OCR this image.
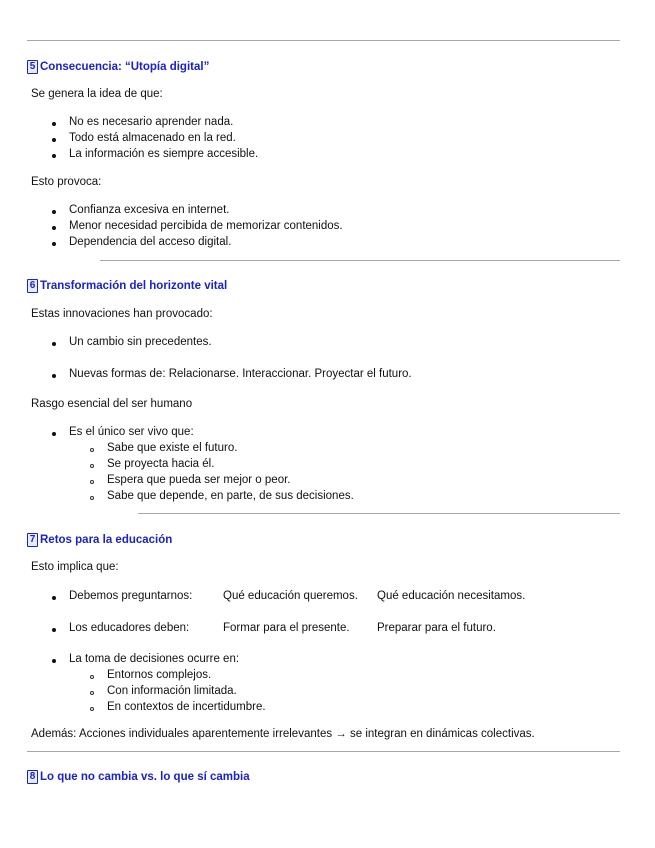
5 Consecuencia: “Utopía digital”
Se genera la idea de que:
No es necesario aprender nada.
Todo está almacenado en la red.
La información es siempre accesible.
Esto provoca:
Confianza excesiva en internet.
Menor necesidad percibida de memorizar contenidos.
Dependencia del acceso digital.
6 Transformación del horizonte vital
Estas innovaciones han provocado:
Un cambio sin precedentes.
Nuevas formas de: Relacionarse. Interaccionar. Proyectar el futuro.
Rasgo esencial del ser humano
Es el único ser vivo que:
Sabe que existe el futuro.
Se proyecta hacia él.
Espera que pueda ser mejor o peor.
Sabe que depende, en parte, de sus decisiones.
7 Retos para la educación
Esto implica que:
Debemos preguntarnos:	Qué educación queremos. Qué educación necesitamos.
Los educadores deben:	Formar para el presente. Preparar para el futuro.
La toma de decisiones ocurre en:
Entornos complejos.
Con información limitada.
En contextos de incertidumbre.
Además: Acciones individuales aparentemente irrelevantes → se integran en dinámicas colectivas.
8 Lo que no cambia vs. lo que sí cambia
